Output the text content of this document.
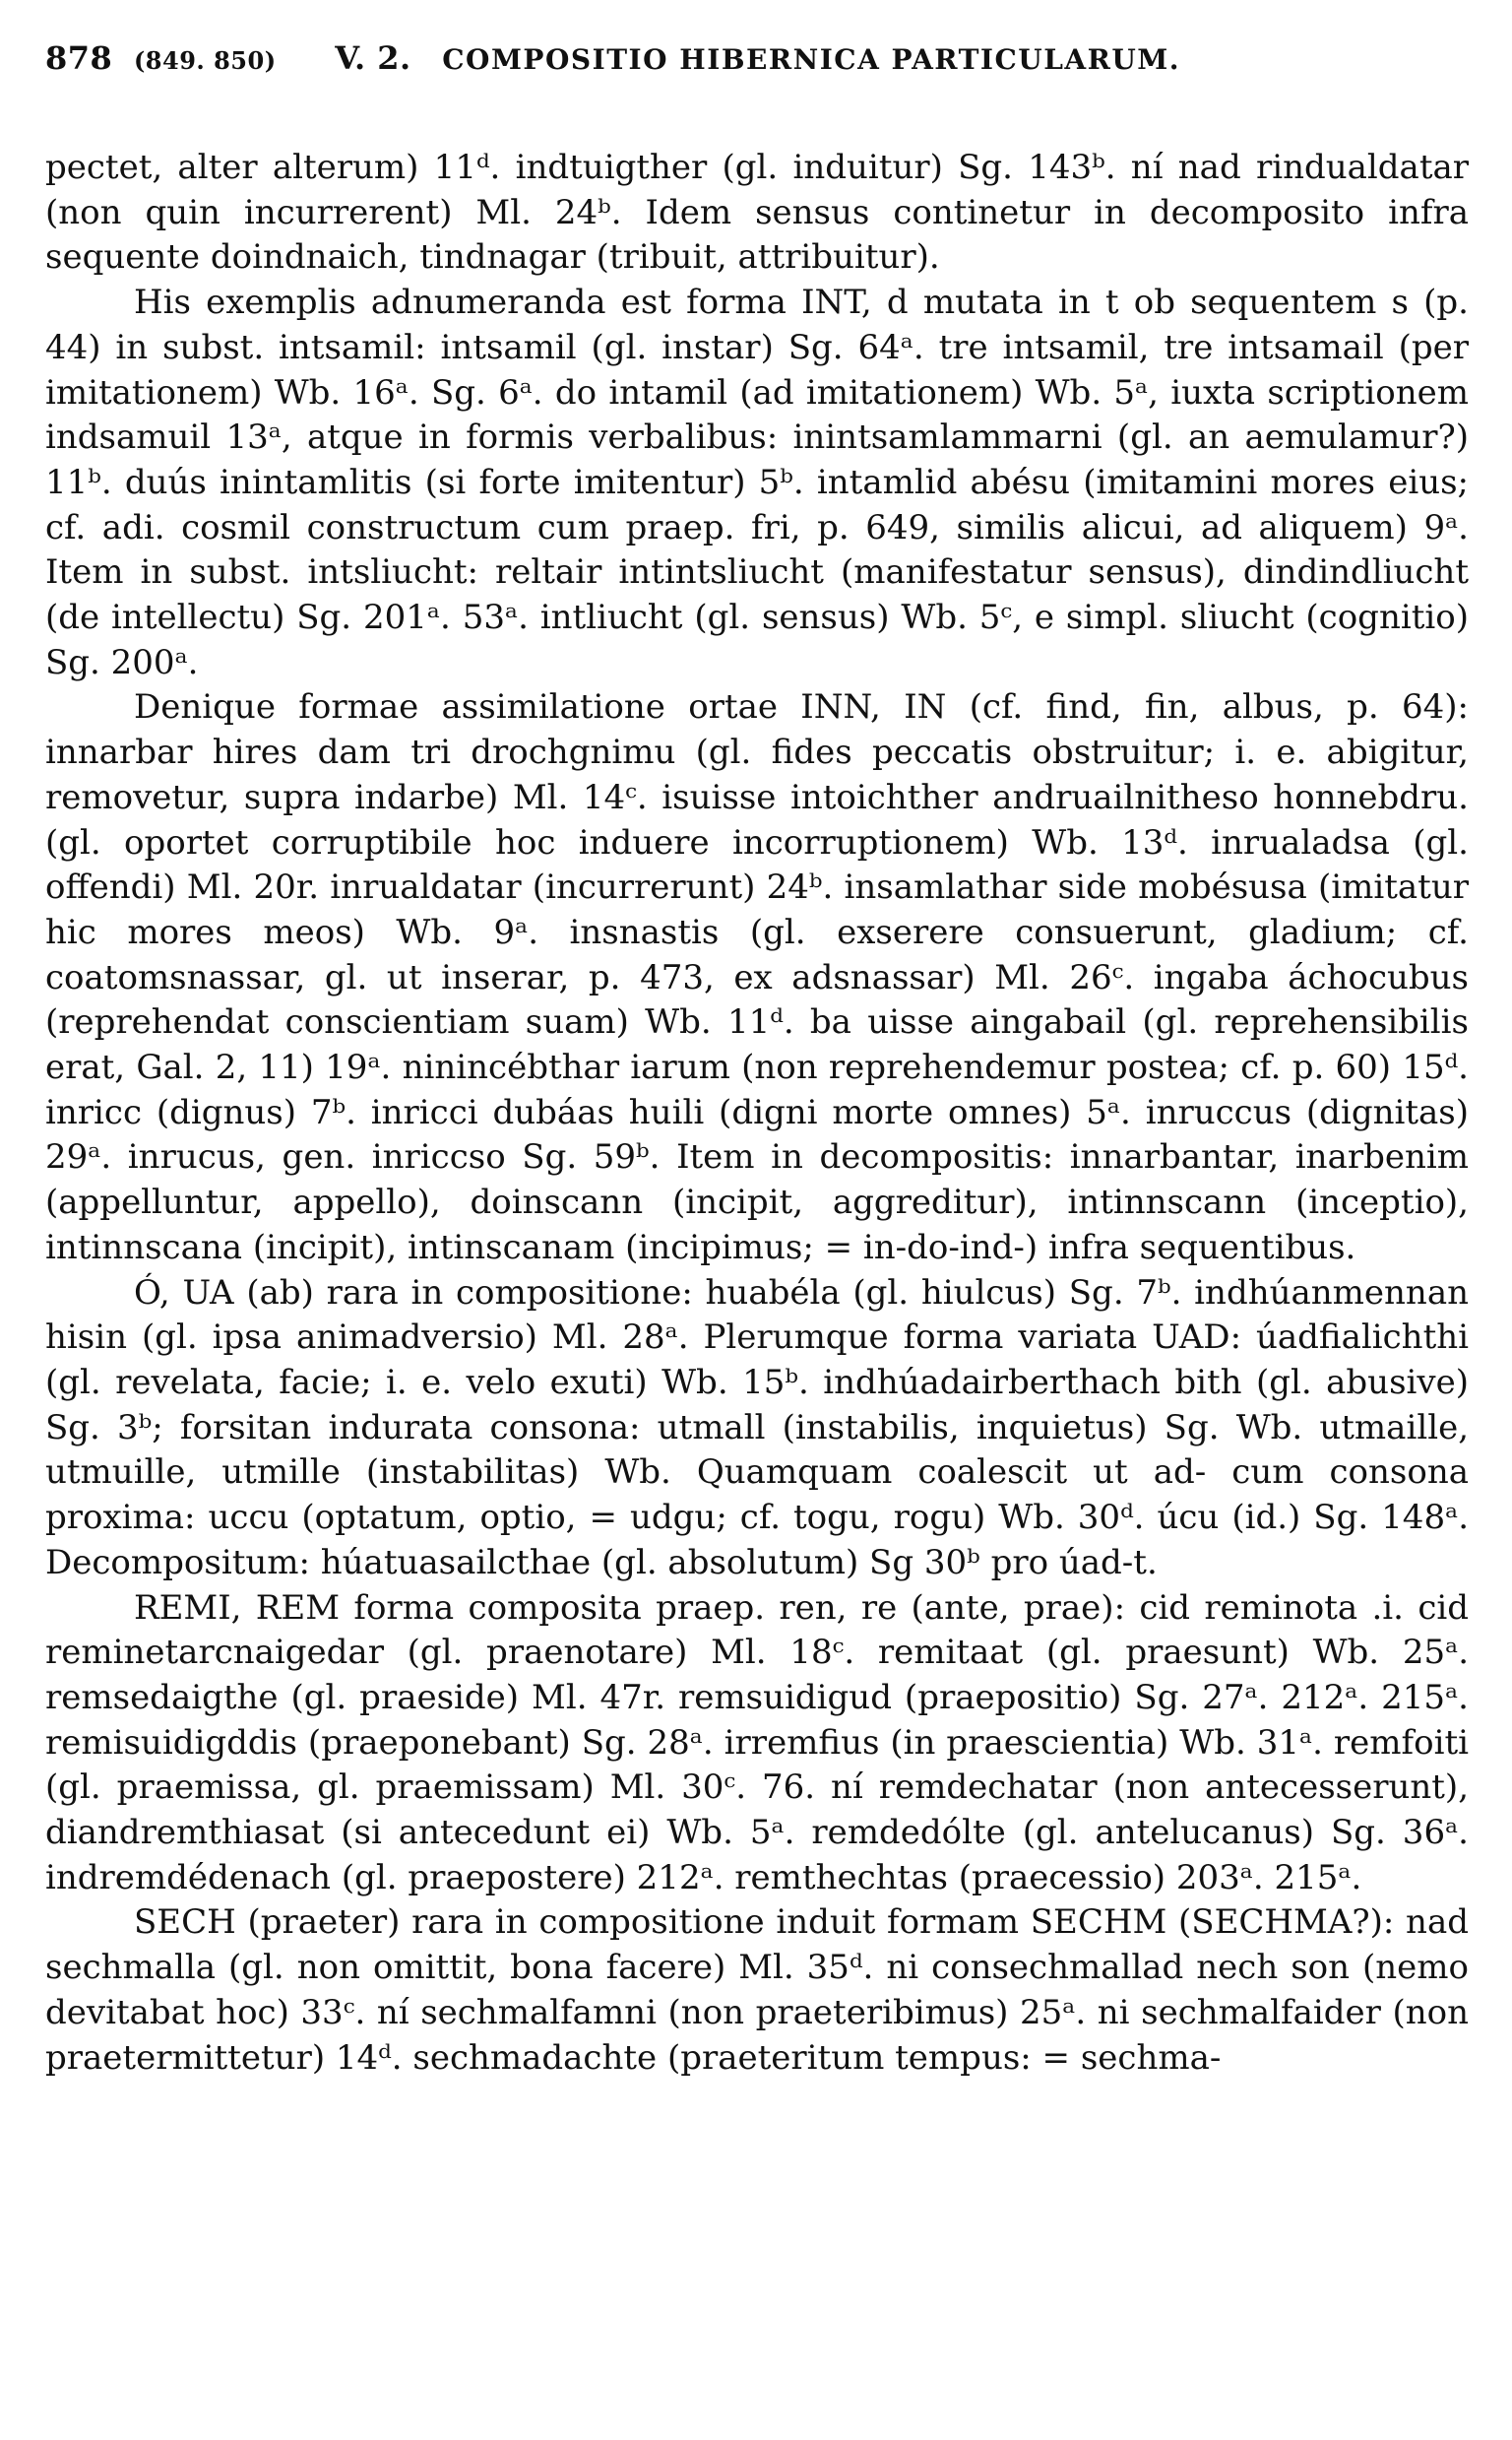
878 (849. 850) V. 2. COMPOSITIO HIBERNICA PARTICULARUM.

pectet, alter alterum) 11ᵈ. indtuigther (gl. induitur) Sg. 143ᵇ. ní nad rindualdatar (non quin incurrerent) Ml. 24ᵇ. Idem sensus continetur in decomposito infra sequente doindnaich, tindnagar (tribuit, attribuitur).

His exemplis adnumeranda est forma INT, d mutata in t ob sequentem s (p. 44) in subst. intsamil: intsamil (gl. instar) Sg. 64ᵃ. tre intsamil, tre intsamail (per imitationem) Wb. 16ᵃ. Sg. 6ᵃ. do intamil (ad imitationem) Wb. 5ᵃ, iuxta scriptionem indsamuil 13ᵃ, atque in formis verbalibus: inintsamlammarni (gl. an aemulamur?) 11ᵇ. duús inintamlitis (si forte imitentur) 5ᵇ. intamlid abésu (imitamini mores eius; cf. adi. cosmil constructum cum praep. fri, p. 649, similis alicui, ad aliquem) 9ᵃ. Item in subst. intsliucht: reltair intintsliucht (manifestatur sensus), dindindliucht (de intellectu) Sg. 201ᵃ. 53ᵃ. intliucht (gl. sensus) Wb. 5ᶜ, e simpl. sliucht (cognitio) Sg. 200ᵃ.

Denique formae assimilatione ortae INN, IN (cf. find, fin, albus, p. 64): innarbar hires dam tri drochgnimu (gl. fides peccatis obstruitur; i. e. abigitur, removetur, supra indarbe) Ml. 14ᶜ. isuisse intoichther andruailnitheso honnebdru. (gl. oportet corruptibile hoc induere incorruptionem) Wb. 13ᵈ. inrualadsa (gl. offendi) Ml. 20r. inrualdatar (incurrerunt) 24ᵇ. insamlathar side mobésusa (imitatur hic mores meos) Wb. 9ᵃ. insnastis (gl. exserere consuerunt, gladium; cf. coatomsnassar, gl. ut inserar, p. 473, ex adsnassar) Ml. 26ᶜ. ingaba áchocubus (reprehendat conscientiam suam) Wb. 11ᵈ. ba uisse aingabail (gl. reprehensibilis erat, Gal. 2, 11) 19ᵃ. ninincébthar iarum (non reprehendemur postea; cf. p. 60) 15ᵈ. inricc (dignus) 7ᵇ. inricci dubáas huili (digni morte omnes) 5ᵃ. inruccus (dignitas) 29ᵃ. inrucus, gen. inriccso Sg. 59ᵇ. Item in decompositis: innarbantar, inarbenim (appelluntur, appello), doinscann (incipit, aggreditur), intinnscann (inceptio), intinnscana (incipit), intinscanam (incipimus; = in-do-ind-) infra sequentibus.

Ó, UA (ab) rara in compositione: huabéla (gl. hiulcus) Sg. 7ᵇ. indhúanmennan hisin (gl. ipsa animadversio) Ml. 28ᵃ. Plerumque forma variata UAD: úadfialichthi (gl. revelata, facie; i. e. velo exuti) Wb. 15ᵇ. indhúadairberthach bith (gl. abusive) Sg. 3ᵇ; forsitan indurata consona: utmall (instabilis, inquietus) Sg. Wb. utmaille, utmuille, utmille (instabilitas) Wb. Quamquam coalescit ut ad- cum consona proxima: uccu (optatum, optio, = udgu; cf. togu, rogu) Wb. 30ᵈ. úcu (id.) Sg. 148ᵃ. Decompositum: húatuasailcthae (gl. absolutum) Sg 30ᵇ pro úad-t.

REMI, REM forma composita praep. ren, re (ante, prae): cid reminota .i. cid reminetarcnaigedar (gl. praenotare) Ml. 18ᶜ. remitaat (gl. praesunt) Wb. 25ᵃ. remsedaigthe (gl. praeside) Ml. 47r. remsuidigud (praepositio) Sg. 27ᵃ. 212ᵃ. 215ᵃ. remisuidigddis (praeponebant) Sg. 28ᵃ. irremfius (in praescientia) Wb. 31ᵃ. remfoiti (gl. praemissa, gl. praemissam) Ml. 30ᶜ. 76. ní remdechatar (non antecesserunt), diandremthiasat (si antecedunt ei) Wb. 5ᵃ. remdedólte (gl. antelucanus) Sg. 36ᵃ. indremdédenach (gl. praepostere) 212ᵃ. remthechtas (praecessio) 203ᵃ. 215ᵃ.

SECH (praeter) rara in compositione induit formam SECHM (SECHMA?): nad sechmalla (gl. non omittit, bona facere) Ml. 35ᵈ. ni consechmallad nech son (nemo devitabat hoc) 33ᶜ. ní sechmalfamni (non praeteribimus) 25ᵃ. ni sechmalfaider (non praetermittetur) 14ᵈ. sechmadachte (praeteritum tempus: = sechma-
